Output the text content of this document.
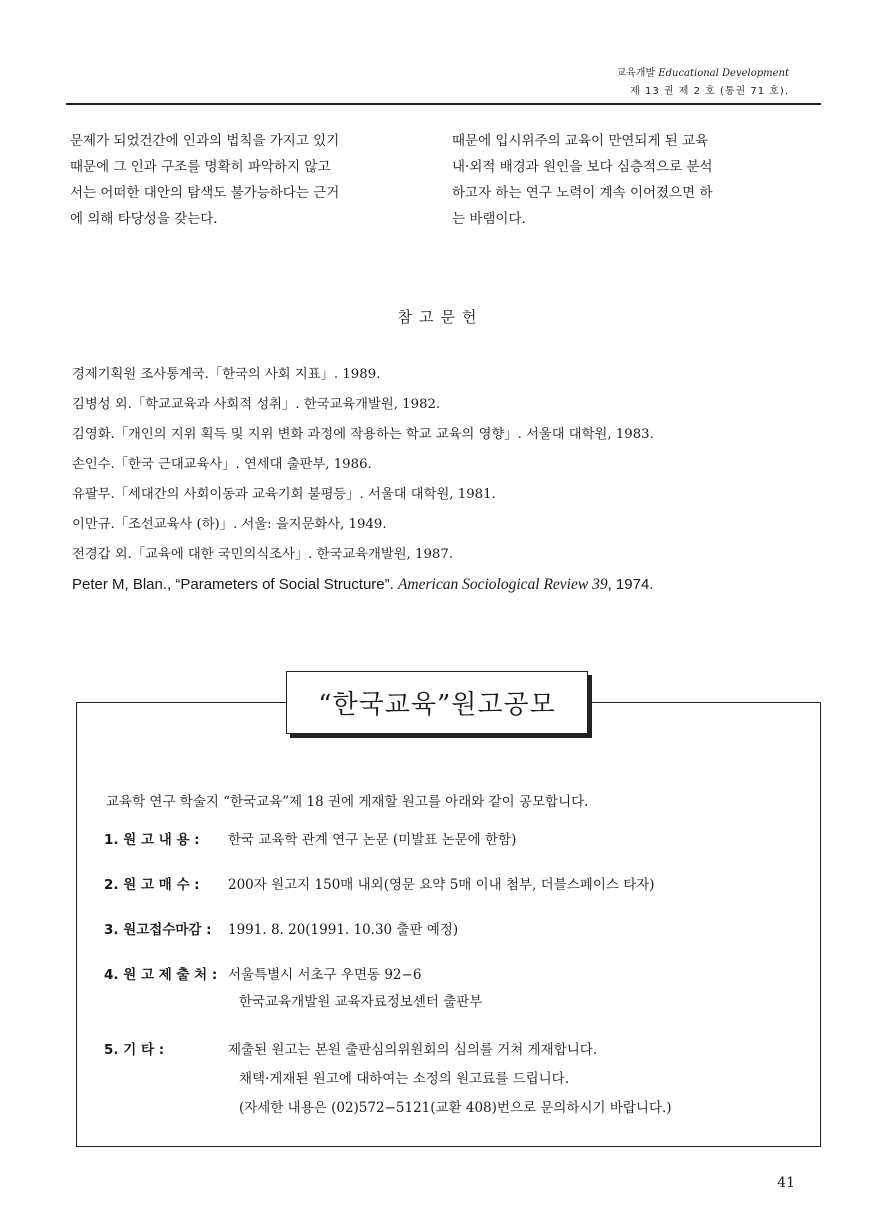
교육개발 Educational Development
제 13 권 제 2 호 (통권 71 호).

문제가 되었건간에 인과의 법칙을 가지고 있기

때문에 그 인과 구조를 명확히 파악하지 않고

서는 어떠한 대안의 탐색도 불가능하다는 근거

에 의해 타당성을 갖는다.

때문에 입시위주의 교육이 만연되게 된 교육

내·외적 배경과 원인을 보다 심층적으로 분석

하고자 하는 연구 노력이 계속 이어졌으면 하

는 바램이다.

참고문헌

경제기획원 조사통계국.「한국의 사회 지표」. 1989.

김병성 외.「학교교육과 사회적 성취」. 한국교육개발원, 1982.

김영화.「개인의 지위 획득 및 지위 변화 과정에 작용하는 학교 교육의 영향」. 서울대 대학원, 1983.

손인수.「한국 근대교육사」. 연세대 출판부, 1986.

유팔무.「세대간의 사회이동과 교육기회 불평등」. 서울대 대학원, 1981.

이만규.「조선교육사 (하)」. 서울: 을지문화사, 1949.

전경갑 외.「교육에 대한 국민의식조사」. 한국교육개발원, 1987.

Peter M, Blan., “Parameters of Social Structure”. American Sociological Review 39, 1974.

“한국교육”원고공모
교육학 연구 학술지 “한국교육”제 18 권에 게재할 원고를 아래와 같이 공모합니다.
1. 원 고 내 용 : 한국 교육학 관계 연구 논문 (미발표 논문에 한함)
2. 원 고 매 수 : 200자 원고지 150매 내외(영문 요약 5매 이내 첨부, 더블스페이스 타자)
3. 원고접수마감 : 1991. 8. 20(1991. 10.30 출판 예정)
4. 원 고 제 출 처 : 서울특별시 서초구 우면동 92−6
한국교육개발원 교육자료정보센터 출판부
5. 기 타 :	제출된 원고는 본원 출판심의위원회의 심의를 거쳐 게재합니다.
채택·게재된 원고에 대하여는 소정의 원고료를 드립니다.
(자세한 내용은 (02)572−5121(교환 408)번으로 문의하시기 바랍니다.)
41
